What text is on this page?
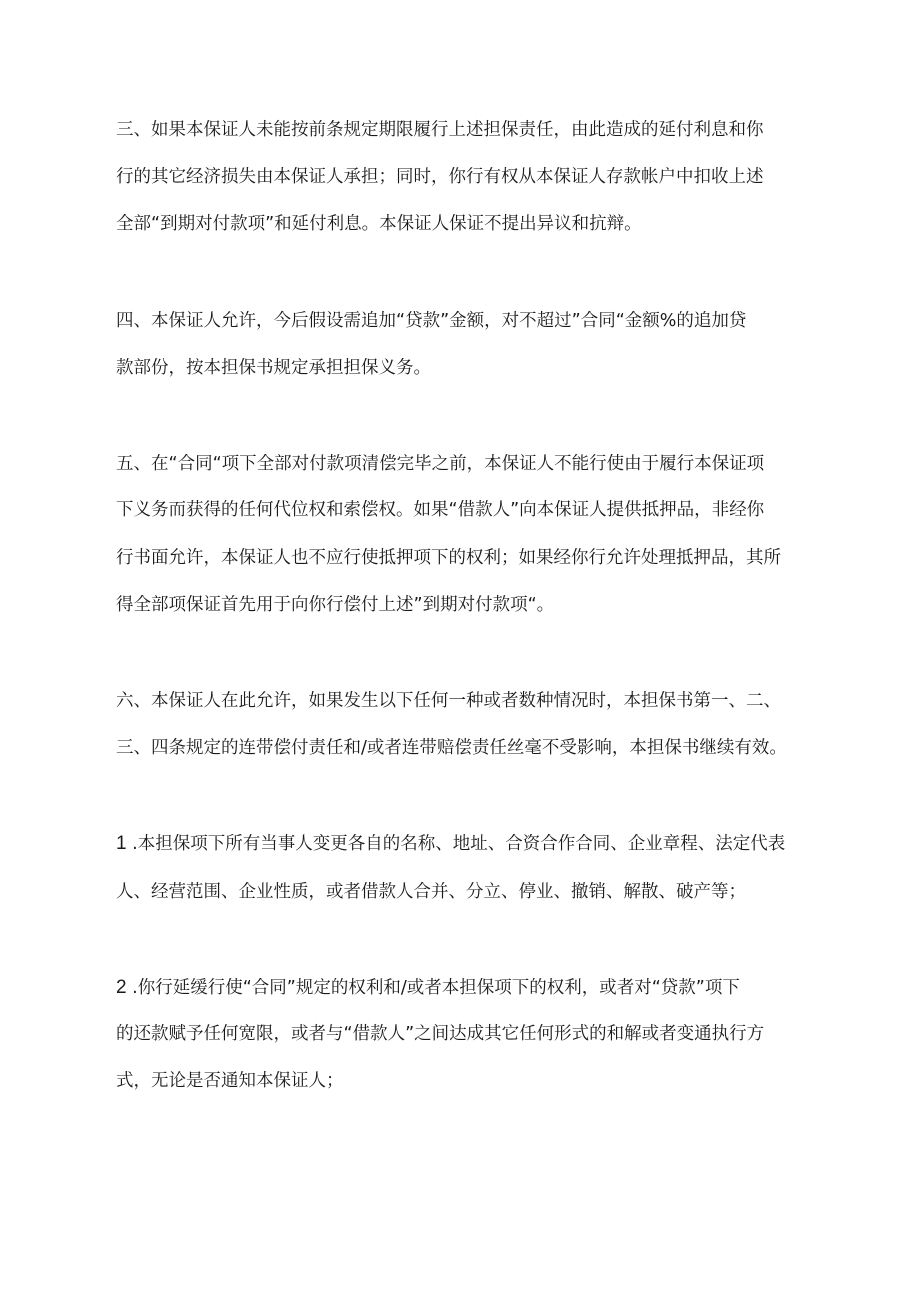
三、如果本保证人未能按前条规定期限履行上述担保责任，由此造成的延付利息和你
行的其它经济损失由本保证人承担；同时，你行有权从本保证人存款帐户中扣收上述
全部“到期对付款项”和延付利息。本保证人保证不提出异议和抗辩。
四、本保证人允许，今后假设需追加“贷款”金额，对不超过”合同“金额%的追加贷
款部份，按本担保书规定承担担保义务。
五、在“合同“项下全部对付款项清偿完毕之前，本保证人不能行使由于履行本保证项
下义务而获得的任何代位权和索偿权。如果“借款人”向本保证人提供抵押品，非经你
行书面允许，本保证人也不应行使抵押项下的权利；如果经你行允许处理抵押品，其所
得全部项保证首先用于向你行偿付上述”到期对付款项“。
六、本保证人在此允许，如果发生以下任何一种或者数种情况时，本担保书第一、二、
三、四条规定的连带偿付责任和/或者连带赔偿责任丝毫不受影响，本担保书继续有效。
1 .本担保项下所有当事人变更各自的名称、地址、合资合作合同、企业章程、法定代表
人、经营范围、企业性质，或者借款人合并、分立、停业、撤销、解散、破产等；
2 .你行延缓行使“合同”规定的权利和/或者本担保项下的权利，或者对“贷款”项下
的还款赋予任何宽限，或者与“借款人”之间达成其它任何形式的和解或者变通执行方
式，无论是否通知本保证人；
